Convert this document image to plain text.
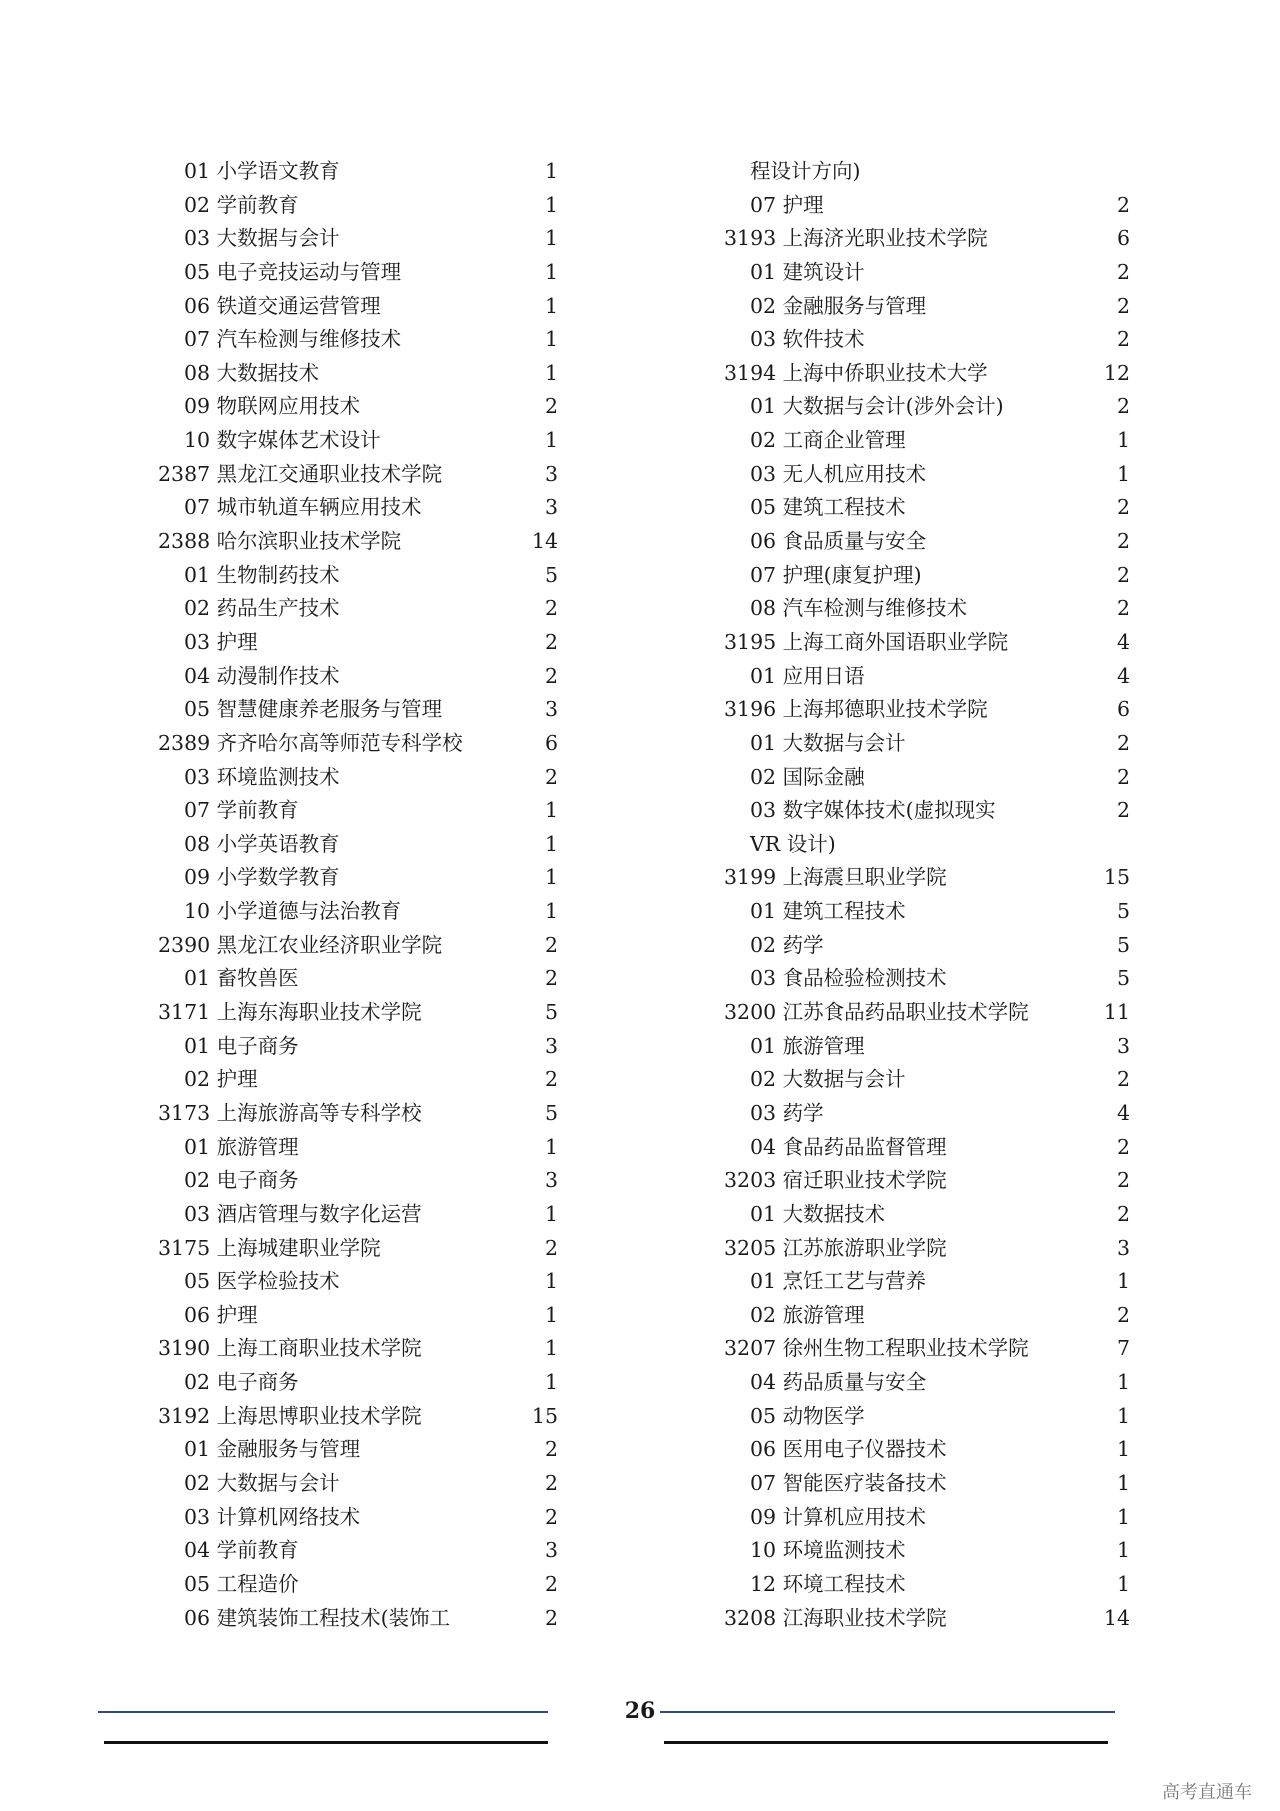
01 小学语文教育	1
02 学前教育	1
03 大数据与会计	1
05 电子竞技运动与管理	1
06 铁道交通运营管理	1
07 汽车检测与维修技术	1
08 大数据技术	1
09 物联网应用技术	2
10 数字媒体艺术设计	1
2387 黑龙江交通职业技术学院	3
07 城市轨道车辆应用技术	3
2388 哈尔滨职业技术学院	14
01 生物制药技术	5
02 药品生产技术	2
03 护理	2
04 动漫制作技术	2
05 智慧健康养老服务与管理	3
2389 齐齐哈尔高等师范专科学校	6
03 环境监测技术	2
07 学前教育	1
08 小学英语教育	1
09 小学数学教育	1
10 小学道德与法治教育	1
2390 黑龙江农业经济职业学院	2
01 畜牧兽医	2
3171 上海东海职业技术学院	5
01 电子商务	3
02 护理	2
3173 上海旅游高等专科学校	5
01 旅游管理	1
02 电子商务	3
03 酒店管理与数字化运营	1
3175 上海城建职业学院	2
05 医学检验技术	1
06 护理	1
3190 上海工商职业技术学院	1
02 电子商务	1
3192 上海思博职业技术学院	15
01 金融服务与管理	2
02 大数据与会计	2
03 计算机网络技术	2
04 学前教育	3
05 工程造价	2
06 建筑装饰工程技术(装饰工	2
程设计方向)
07 护理	2
3193 上海济光职业技术学院	6
01 建筑设计	2
02 金融服务与管理	2
03 软件技术	2
3194 上海中侨职业技术大学	12
01 大数据与会计(涉外会计)	2
02 工商企业管理	1
03 无人机应用技术	1
05 建筑工程技术	2
06 食品质量与安全	2
07 护理(康复护理)	2
08 汽车检测与维修技术	2
3195 上海工商外国语职业学院	4
01 应用日语	4
3196 上海邦德职业技术学院	6
01 大数据与会计	2
02 国际金融	2
03 数字媒体技术(虚拟现实	2
VR 设计)
3199 上海震旦职业学院	15
01 建筑工程技术	5
02 药学	5
03 食品检验检测技术	5
3200 江苏食品药品职业技术学院	11
01 旅游管理	3
02 大数据与会计	2
03 药学	4
04 食品药品监督管理	2
3203 宿迁职业技术学院	2
01 大数据技术	2
3205 江苏旅游职业学院	3
01 烹饪工艺与营养	1
02 旅游管理	2
3207 徐州生物工程职业技术学院	7
04 药品质量与安全	1
05 动物医学	1
06 医用电子仪器技术	1
07 智能医疗装备技术	1
09 计算机应用技术	1
10 环境监测技术	1
12 环境工程技术	1
3208 江海职业技术学院	14
26
高考直通车
